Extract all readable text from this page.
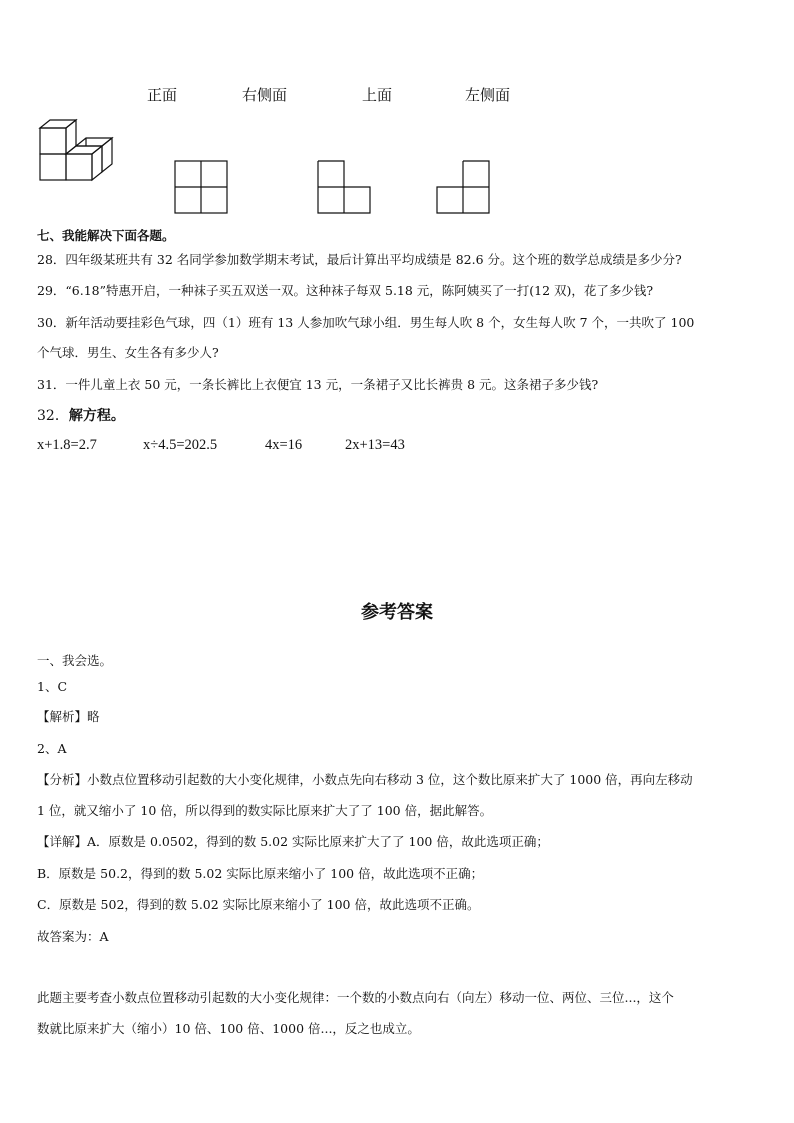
正面	右侧面	上面	左侧面
七、我能解决下面各题。
28．四年级某班共有 32 名同学参加数学期末考试，最后计算出平均成绩是 82.6 分。这个班的数学总成绩是多少分?
29．“6.18”特惠开启，一种袜子买五双送一双。这种袜子每双 5.18 元，陈阿姨买了一打(12 双)，花了多少钱?
30．新年活动要挂彩色气球，四（1）班有 13 人参加吹气球小组．男生每人吹 8 个，女生每人吹 7 个，一共吹了 100
个气球．男生、女生各有多少人?
31．一件儿童上衣 50 元，一条长裤比上衣便宜 13 元，一条裙子又比长裤贵 8 元。这条裙子多少钱?
32．解方程。
x+1.8=2.7	x÷4.5=202.5	4x=16	2x+13=43
参考答案
一、我会选。
1、C
【解析】略
2、A
【分析】小数点位置移动引起数的大小变化规律，小数点先向右移动 3 位，这个数比原来扩大了 1000 倍，再向左移动
1 位，就又缩小了 10 倍，所以得到的数实际比原来扩大了了 100 倍，据此解答。
【详解】A．原数是 0.0502，得到的数 5.02 实际比原来扩大了了 100 倍，故此选项正确；
B．原数是 50.2，得到的数 5.02 实际比原来缩小了 100 倍，故此选项不正确；
C．原数是 502，得到的数 5.02 实际比原来缩小了 100 倍，故此选项不正确。
故答案为：A
此题主要考查小数点位置移动引起数的大小变化规律：一个数的小数点向右（向左）移动一位、两位、三位...，这个
数就比原来扩大（缩小）10 倍、100 倍、1000 倍...，反之也成立。
